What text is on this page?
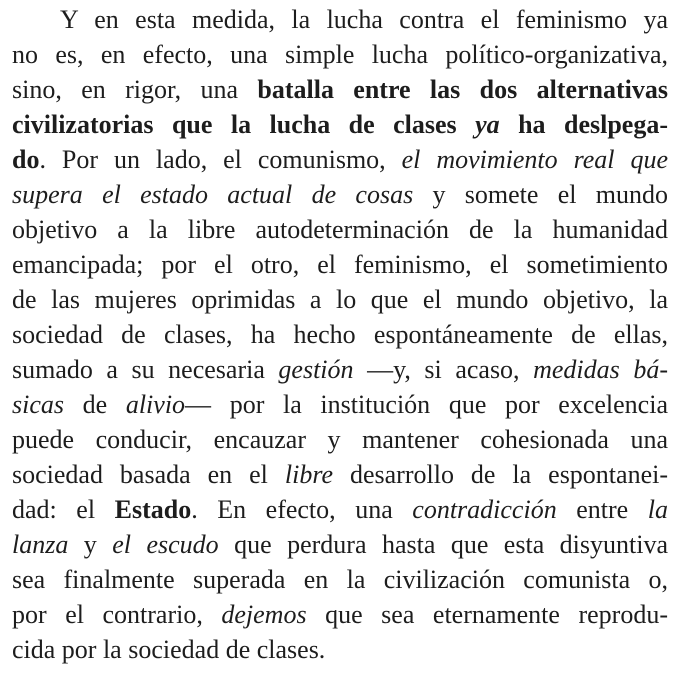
Y en esta medida, la lucha contra el feminismo ya
no es, en efecto, una simple lucha político-organizativa,
sino, en rigor, una batalla entre las dos alternativas
civilizatorias que la lucha de clases ya ha deslpega-
do. Por un lado, el comunismo, el movimiento real que
supera el estado actual de cosas y somete el mundo
objetivo a la libre autodeterminación de la humanidad
emancipada; por el otro, el feminismo, el sometimiento
de las mujeres oprimidas a lo que el mundo objetivo, la
sociedad de clases, ha hecho espontáneamente de ellas,
sumado a su necesaria gestión —y, si acaso, medidas bá-
sicas de alivio— por la institución que por excelencia
puede conducir, encauzar y mantener cohesionada una
sociedad basada en el libre desarrollo de la espontanei-
dad: el Estado. En efecto, una contradicción entre la
lanza y el escudo que perdura hasta que esta disyuntiva
sea finalmente superada en la civilización comunista o,
por el contrario, dejemos que sea eternamente reprodu-
cida por la sociedad de clases.
